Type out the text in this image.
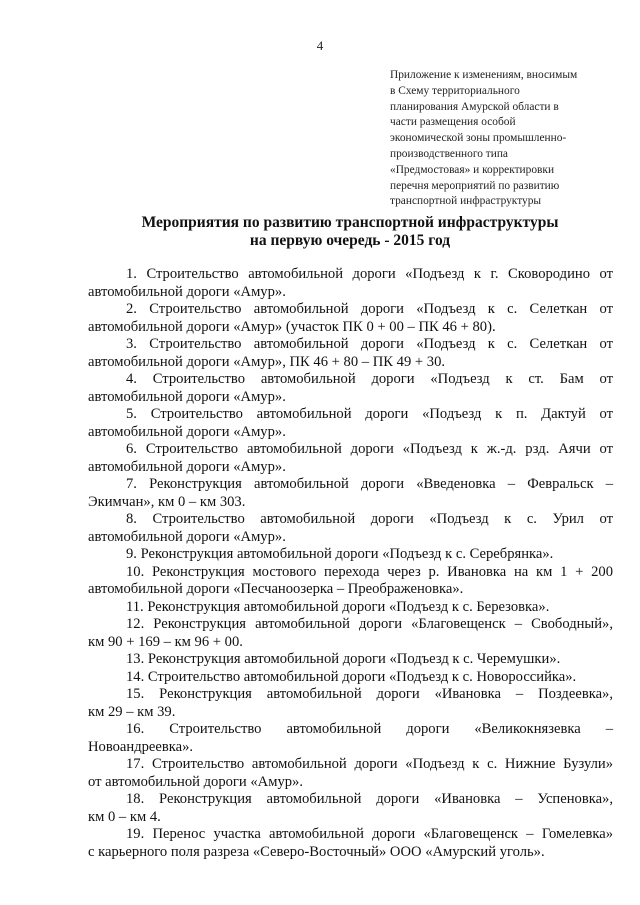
4
Приложение к изменениям, вносимым
в Схему территориального
планирования Амурской области в
части размещения особой
экономической зоны промышленно-
производственного типа
«Предмостовая» и корректировки
перечня мероприятий по развитию
транспортной инфраструктуры
Мероприятия по развитию транспортной инфраструктуры
на первую очередь - 2015 год
1. Строительство автомобильной дороги «Подъезд к г. Сковородино от
автомобильной дороги «Амур».
2. Строительство автомобильной дороги «Подъезд к с. Селеткан от
автомобильной дороги «Амур» (участок ПК 0 + 00 – ПК 46 + 80).
3. Строительство автомобильной дороги «Подъезд к с. Селеткан от
автомобильной дороги «Амур», ПК 46 + 80 – ПК 49 + 30.
4. Строительство автомобильной дороги «Подъезд к ст. Бам от
автомобильной дороги «Амур».
5. Строительство автомобильной дороги «Подъезд к п. Дактуй от
автомобильной дороги «Амур».
6. Строительство автомобильной дороги «Подъезд к ж.-д. рзд. Аячи от
автомобильной дороги «Амур».
7. Реконструкция автомобильной дороги «Введеновка – Февральск –
Экимчан», км 0 – км 303.
8. Строительство автомобильной дороги «Подъезд к с. Урил от
автомобильной дороги «Амур».
9. Реконструкция автомобильной дороги «Подъезд к с. Серебрянка».
10. Реконструкция мостового перехода через р. Ивановка на км 1 + 200
автомобильной дороги «Песчаноозерка – Преображеновка».
11. Реконструкция автомобильной дороги «Подъезд к с. Березовка».
12. Реконструкция автомобильной дороги «Благовещенск – Свободный»,
км 90 + 169 – км 96 + 00.
13. Реконструкция автомобильной дороги «Подъезд к с. Черемушки».
14. Строительство автомобильной дороги «Подъезд к с. Новороссийка».
15. Реконструкция автомобильной дороги «Ивановка – Поздеевка»,
км 29 – км 39.
16. Строительство автомобильной дороги «Великокнязевка –
Новоандреевка».
17. Строительство автомобильной дороги «Подъезд к с. Нижние Бузули»
от автомобильной дороги «Амур».
18. Реконструкция автомобильной дороги «Ивановка – Успеновка»,
км 0 – км 4.
19. Перенос участка автомобильной дороги «Благовещенск – Гомелевка»
с карьерного поля разреза «Северо-Восточный» ООО «Амурский уголь».
